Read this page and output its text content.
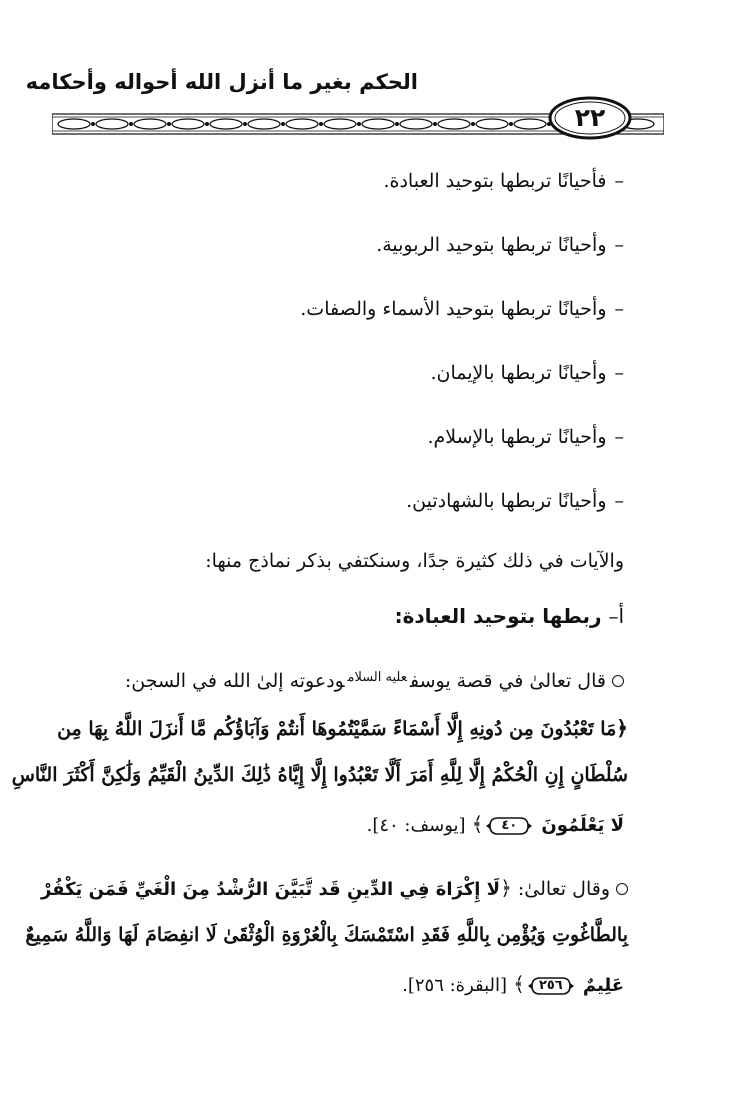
الحكم بغير ما أنزل الله أحواله وأحكامه
٢٢
–فأحيانًا تربطها بتوحيد العبادة.
–وأحيانًا تربطها بتوحيد الربوبية.
–وأحيانًا تربطها بتوحيد الأسماء والصفات.
–وأحيانًا تربطها بالإيمان.
–وأحيانًا تربطها بالإسلام.
–وأحيانًا تربطها بالشهادتين.
والآيات في ذلك كثيرة جدًا، وسنكتفي بذكر نماذج منها:
أ– ربطها بتوحيد العبادة:
قال تعالىٰ في قصة يوسف$^{عليه السلام}$ودعوته إلىٰ الله في السجن:
﴿مَا تَعْبُدُونَ مِن دُونِهِ إِلَّا أَسْمَاءً سَمَّيْتُمُوهَا أَنتُمْ وَآبَاؤُكُم مَّا أَنزَلَ اللَّهُ بِهَا مِن
سُلْطَانٍ إِنِ الْحُكْمُ إِلَّا لِلَّهِ أَمَرَ أَلَّا تَعْبُدُوا إِلَّا إِيَّاهُ ذَٰلِكَ الدِّينُ الْقَيِّمُ وَلَٰكِنَّ أَكْثَرَ النَّاسِ
لَا يَعْلَمُونَ
٤٠
﴾ [يوسف: ٤٠].
وقال تعالىٰ: ﴿لَا إِكْرَاهَ فِي الدِّينِ قَد تَّبَيَّنَ الرُّشْدُ مِنَ الْغَيِّ فَمَن يَكْفُرْ
بِالطَّاغُوتِ وَيُؤْمِن بِاللَّهِ فَقَدِ اسْتَمْسَكَ بِالْعُرْوَةِ الْوُثْقَىٰ لَا انفِصَامَ لَهَا وَاللَّهُ سَمِيعٌ
عَلِيمٌ
٢٥٦
﴾ [البقرة: ٢٥٦].
